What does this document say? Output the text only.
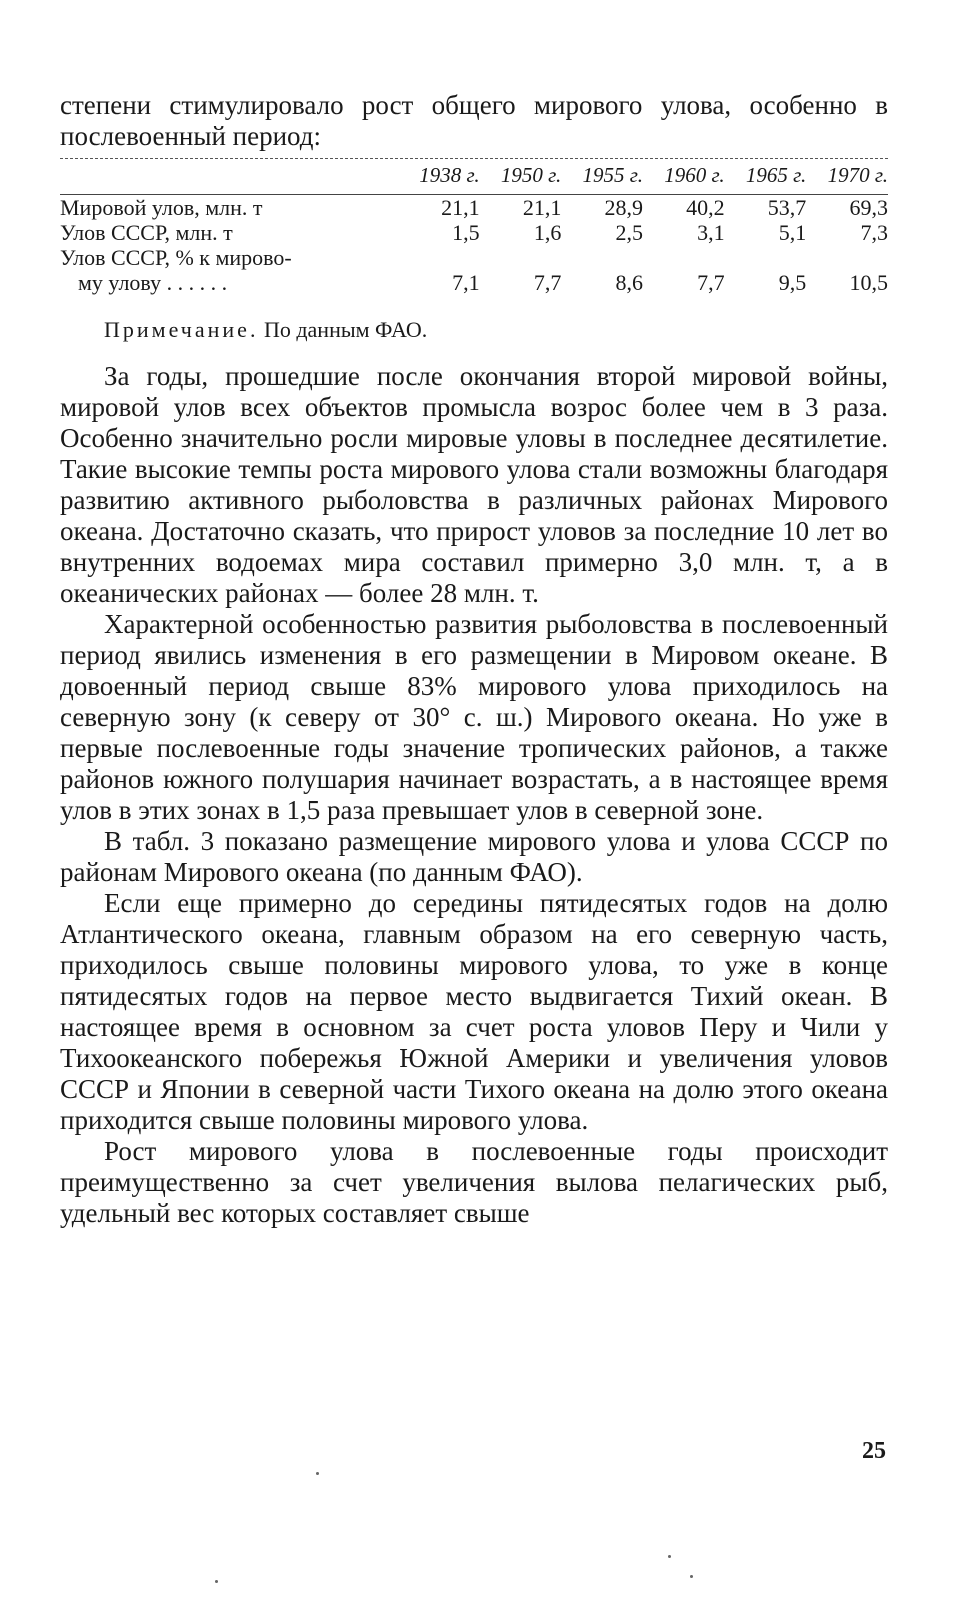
степени стимулировало рост общего мирового улова, особенно в послевоенный период:

	1938 г.	1950 г.	1955 г.	1960 г.	1965 г.	1970 г.
Мировой улов, млн. т	21,1	21,1	28,9	40,2	53,7	69,3
Улов СССР, млн. т	1,5	1,6	2,5	3,1	5,1	7,3
Улов СССР, % к мирово-						
му улову . . . . . .	7,1	7,7	8,6	7,7	9,5	10,5

Примечание. По данным ФАО.

За годы, прошедшие после окончания второй мировой войны, мировой улов всех объектов промысла возрос более чем в 3 раза. Особенно значительно росли мировые уловы в последнее десятилетие. Такие высокие темпы роста мирового улова стали возможны благодаря развитию активного рыболовства в различных районах Мирового океана. Достаточно сказать, что прирост уловов за последние 10 лет во внутренних водоемах мира составил примерно 3,0 млн. т, а в океанических районах — более 28 млн. т.

Характерной особенностью развития рыболовства в послевоенный период явились изменения в его размещении в Мировом океане. В довоенный период свыше 83% мирового улова приходилось на северную зону (к северу от 30° с. ш.) Мирового океана. Но уже в первые послевоенные годы значение тропических районов, а также районов южного полушария начинает возрастать, а в настоящее время улов в этих зонах в 1,5 раза превышает улов в северной зоне.

В табл. 3 показано размещение мирового улова и улова СССР по районам Мирового океана (по данным ФАО).

Если еще примерно до середины пятидесятых годов на долю Атлантического океана, главным образом на его северную часть, приходилось свыше половины мирового улова, то уже в конце пятидесятых годов на первое место выдвигается Тихий океан. В настоящее время в основном за счет роста уловов Перу и Чили у Тихоокеанского побережья Южной Америки и увеличения уловов СССР и Японии в северной части Тихого океана на долю этого океана приходится свыше половины мирового улова.

Рост мирового улова в послевоенные годы происходит преимущественно за счет увеличения вылова пелагических рыб, удельный вес которых составляет свыше

25
